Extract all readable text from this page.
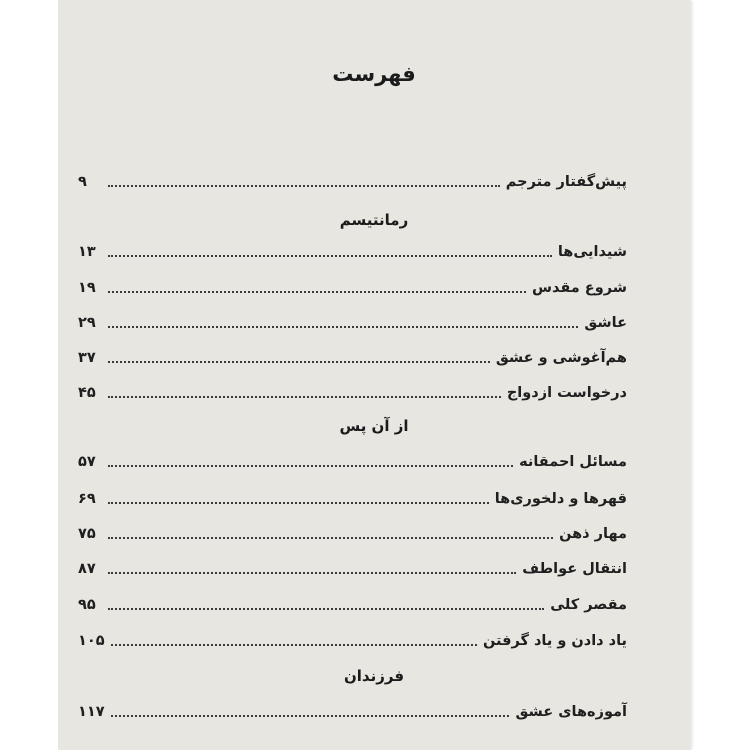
فهرست
پیش‌گفتار مترجم
۹
رمانتیسم
شیدایی‌ها
۱۳
شروع مقدس
۱۹
عاشق
۲۹
هم‌آغوشی و عشق
۳۷
درخواست ازدواج
۴۵
از آن پس
مسائل احمقانه
۵۷
قهرها و دلخوری‌ها
۶۹
مهار ذهن
۷۵
انتقال عواطف
۸۷
مقصر کلی
۹۵
یاد دادن و یاد گرفتن
۱۰۵
فرزندان
آموزه‌های عشق
۱۱۷
